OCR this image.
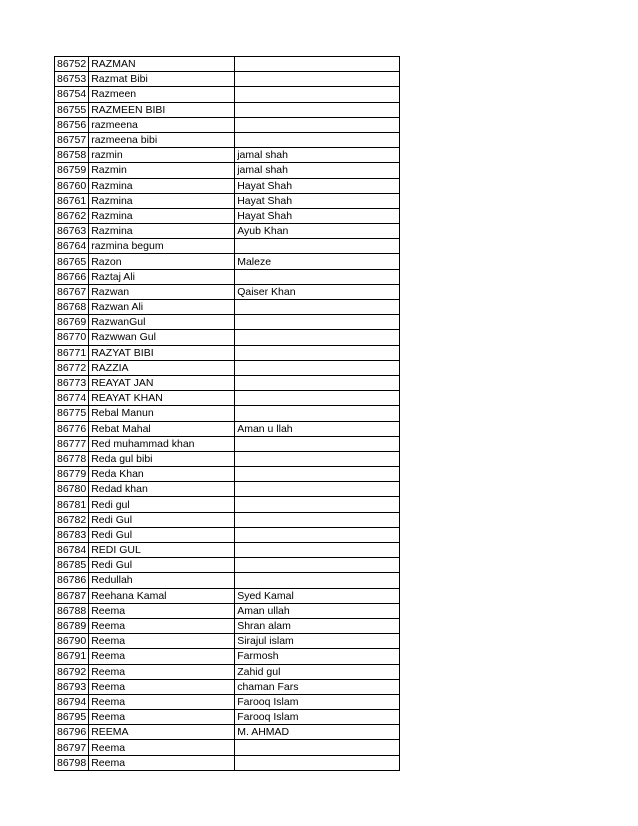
86752	RAZMAN	
86753	Razmat Bibi	
86754	Razmeen	
86755	RAZMEEN BIBI	
86756	razmeena	
86757	razmeena bibi	
86758	razmin	jamal shah
86759	Razmin	jamal shah
86760	Razmina	Hayat Shah
86761	Razmina	Hayat Shah
86762	Razmina	Hayat Shah
86763	Razmina	Ayub Khan
86764	razmina begum	
86765	Razon	Maleze
86766	Raztaj Ali	
86767	Razwan	Qaiser Khan
86768	Razwan Ali	
86769	RazwanGul	
86770	Razwwan Gul	
86771	RAZYAT BIBI	
86772	RAZZIA	
86773	REAYAT JAN	
86774	REAYAT KHAN	
86775	Rebal Manun	
86776	Rebat Mahal	Aman u llah
86777	Red muhammad khan	
86778	Reda gul bibi	
86779	Reda Khan	
86780	Redad khan	
86781	Redi gul	
86782	Redi Gul	
86783	Redi Gul	
86784	REDI GUL	
86785	Redi Gul	
86786	Redullah	
86787	Reehana Kamal	Syed Kamal
86788	Reema	Aman ullah
86789	Reema	Shran alam
86790	Reema	Sirajul islam
86791	Reema	Farmosh
86792	Reema	Zahid gul
86793	Reema	chaman Fars
86794	Reema	Farooq Islam
86795	Reema	Farooq Islam
86796	REEMA	M. AHMAD
86797	Reema	
86798	Reema	
